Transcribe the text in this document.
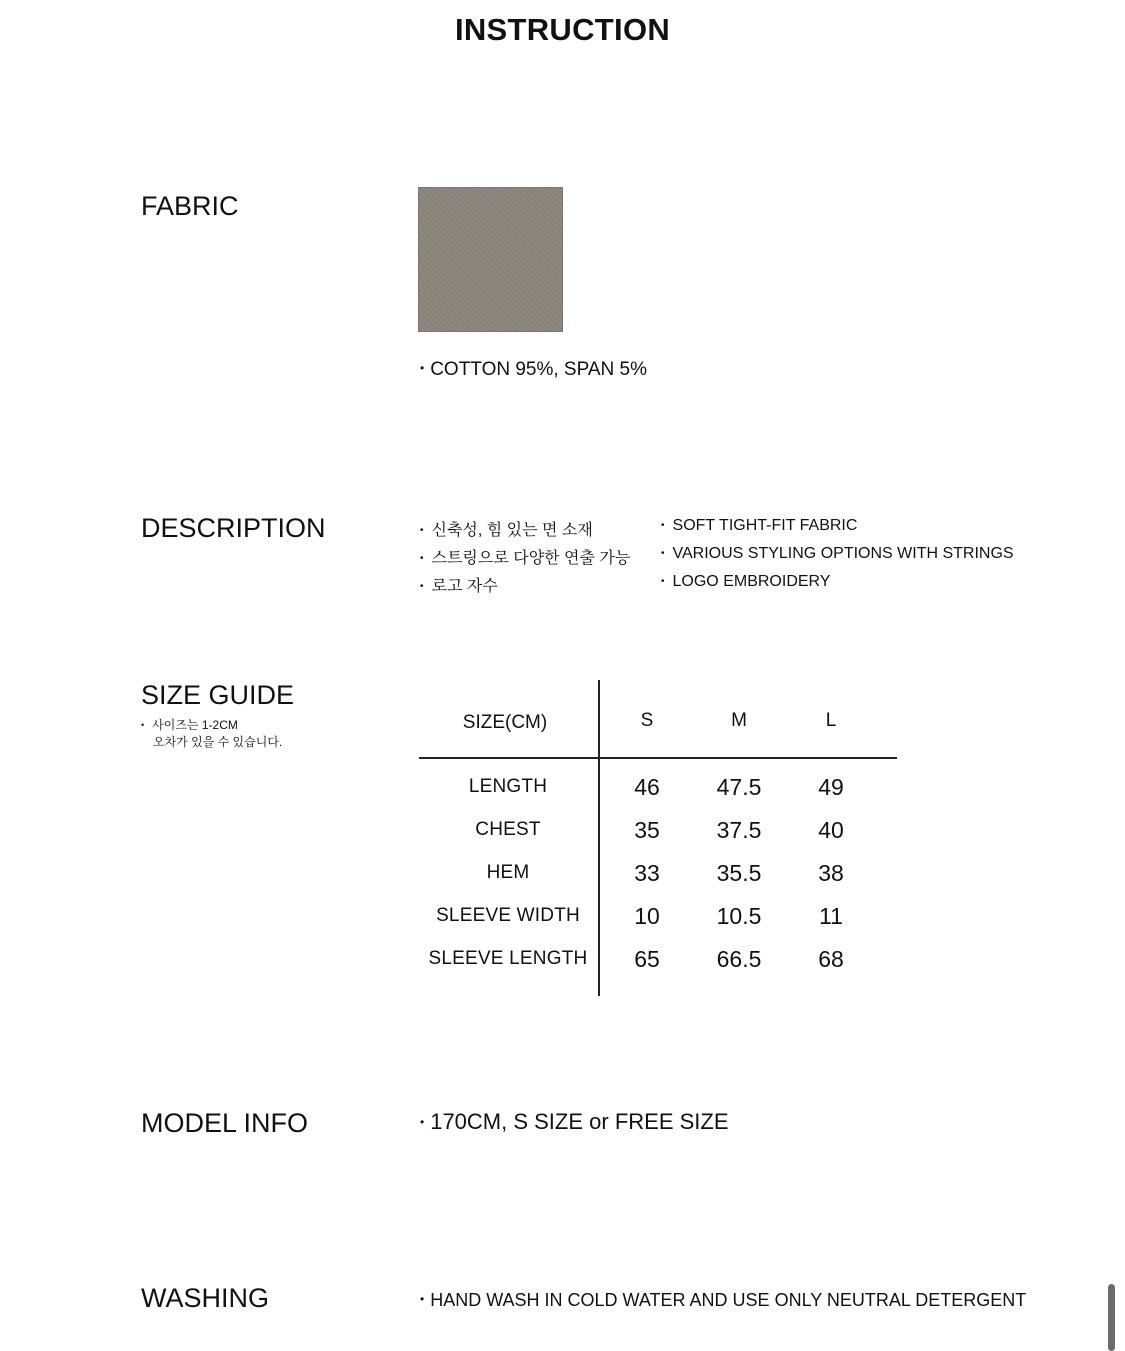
INSTRUCTION
FABRIC
• COTTON 95%, SPAN 5%
DESCRIPTION	• 신축성, 힘 있는 면 소재
• 스트링으로 다양한 연출 가능
• 로고 자수
• SOFT TIGHT-FIT FABRIC
• VARIOUS STYLING OPTIONS WITH STRINGS
• LOGO EMBROIDERY
SIZE GUIDE
• 사이즈는 1-2CM
오차가 있을 수 있습니다.
SIZE(CM)	S	M	L
LENGTH	46	47.5	49
CHEST	35	37.5	40
HEM	33	35.5	38
SLEEVE WIDTH	10	10.5	11
SLEEVE LENGTH	65	66.5	68
MODEL INFO	• 170CM, S SIZE or FREE SIZE
WASHING	• HAND WASH IN COLD WATER AND USE ONLY NEUTRAL DETERGENT
